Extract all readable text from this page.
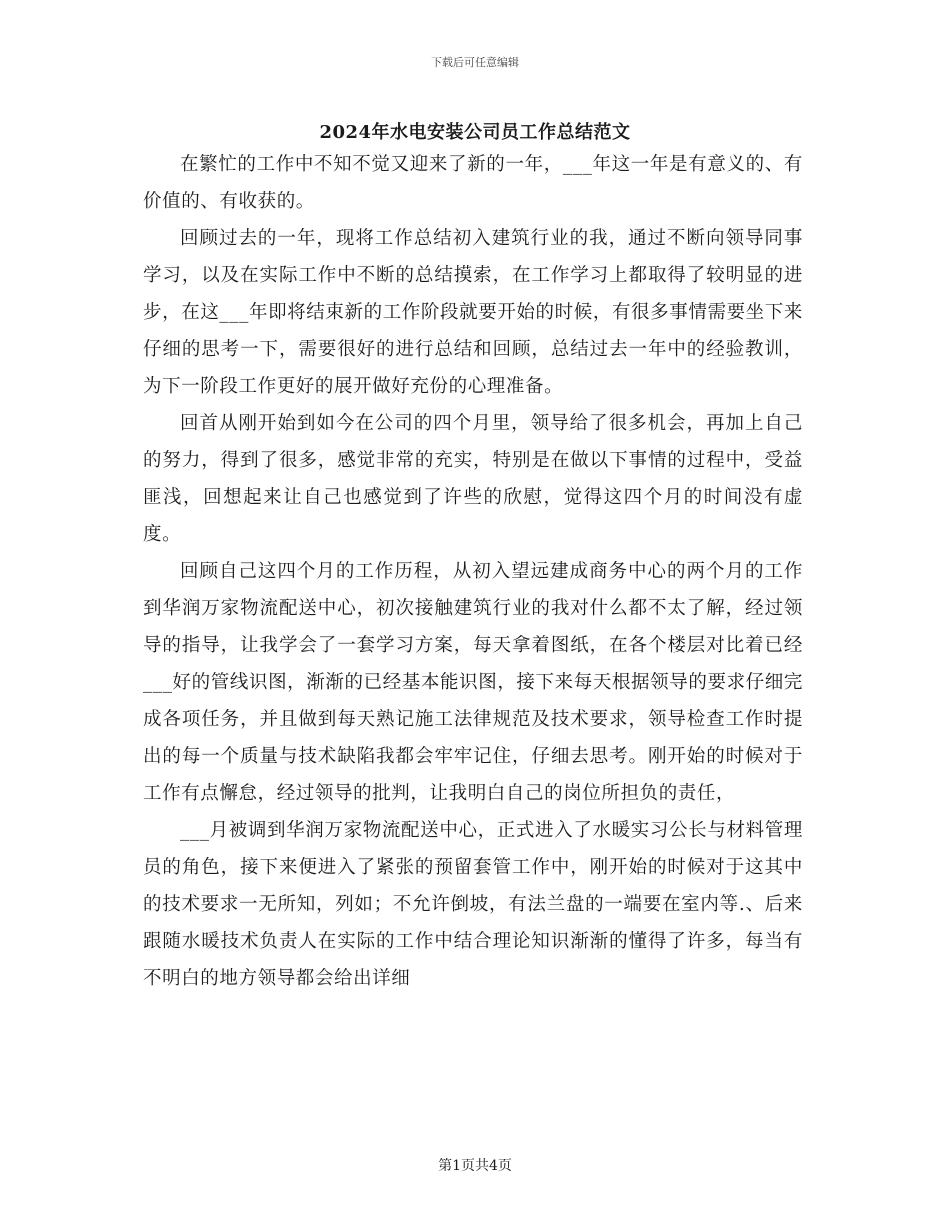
下载后可任意编辑
2024年水电安装公司员工作总结范文

在繁忙的工作中不知不觉又迎来了新的一年，___年这一年是有意义的、有价值的、有收获的。

回顾过去的一年，现将工作总结初入建筑行业的我，通过不断向领导同事学习，以及在实际工作中不断的总结摸索，在工作学习上都取得了较明显的进步，在这___年即将结束新的工作阶段就要开始的时候，有很多事情需要坐下来仔细的思考一下，需要很好的进行总结和回顾，总结过去一年中的经验教训，为下一阶段工作更好的展开做好充份的心理准备。

回首从刚开始到如今在公司的四个月里，领导给了很多机会，再加上自己的努力，得到了很多，感觉非常的充实，特别是在做以下事情的过程中，受益匪浅，回想起来让自己也感觉到了许些的欣慰，觉得这四个月的时间没有虚度。

回顾自己这四个月的工作历程，从初入望远建成商务中心的两个月的工作到华润万家物流配送中心，初次接触建筑行业的我对什么都不太了解，经过领导的指导，让我学会了一套学习方案，每天拿着图纸，在各个楼层对比着已经___好的管线识图，渐渐的已经基本能识图，接下来每天根据领导的要求仔细完成各项任务，并且做到每天熟记施工法律规范及技术要求，领导检查工作时提出的每一个质量与技术缺陷我都会牢牢记住，仔细去思考。刚开始的时候对于工作有点懈怠，经过领导的批判，让我明白自己的岗位所担负的责任，

___月被调到华润万家物流配送中心，正式进入了水暖实习公长与材料管理员的角色，接下来便进入了紧张的预留套管工作中，刚开始的时候对于这其中的技术要求一无所知，列如；不允许倒坡，有法兰盘的一端要在室内等.、后来跟随水暖技术负责人在实际的工作中结合理论知识渐渐的懂得了许多，每当有不明白的地方领导都会给出详细

第1页共4页
